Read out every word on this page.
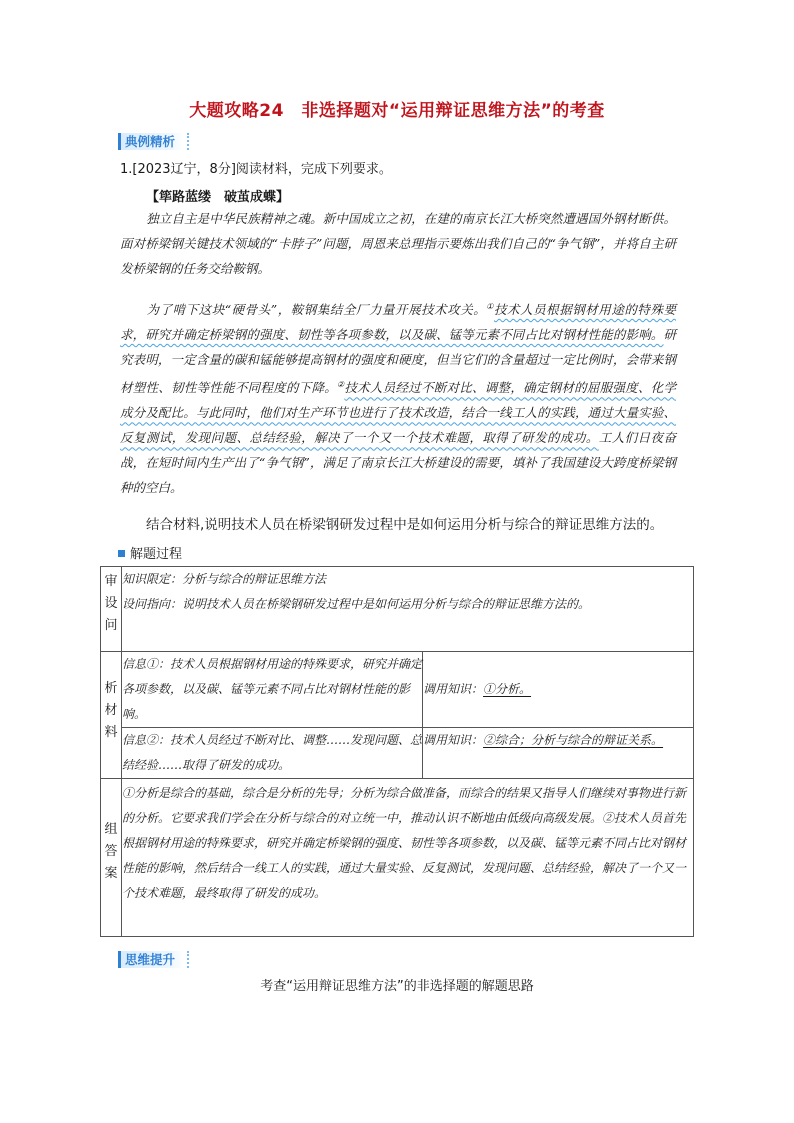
大题攻略24　非选择题对“运用辩证思维方法”的考查
典例精析
1.[2023辽宁，8分]阅读材料，完成下列要求。
【筚路蓝缕　破茧成蝶】
独立自主是中华民族精神之魂。新中国成立之初，在建的南京长江大桥突然遭遇国外钢材断供。面对桥梁钢关键技术领域的“卡脖子”问题，周恩来总理指示要炼出我们自己的“争气钢”，并将自主研发桥梁钢的任务交给鞍钢。
为了啃下这块“硬骨头”，鞍钢集结全厂力量开展技术攻关。①技术人员根据钢材用途的特殊要求，研究并确定桥梁钢的强度、韧性等各项参数，以及碳、锰等元素不同占比对钢材性能的影响。研究表明，一定含量的碳和锰能够提高钢材的强度和硬度，但当它们的含量超过一定比例时，会带来钢材塑性、韧性等性能不同程度的下降。②技术人员经过不断对比、调整，确定钢材的屈服强度、化学成分及配比。与此同时，他们对生产环节也进行了技术改造，结合一线工人的实践，通过大量实验、反复测试，发现问题、总结经验，解决了一个又一个技术难题，取得了研发的成功。工人们日夜奋战，在短时间内生产出了“争气钢”，满足了南京长江大桥建设的需要，填补了我国建设大跨度桥梁钢种的空白。
结合材料,说明技术人员在桥梁钢研发过程中是如何运用分析与综合的辩证思维方法的。
解题过程
审设问	知识限定：分析与综合的辩证思维方法
设问指向：说明技术人员在桥梁钢研发过程中是如何运用分析与综合的辩证思维方法的。	

析材料	信息①：技术人员根据钢材用途的特殊要求，研究并确定各项参数，以及碳、锰等元素不同占比对钢材性能的影响。	调用知识：①分析。
	信息②：技术人员经过不断对比、调整……发现问题、总结经验……取得了研发的成功。	调用知识：②综合；分析与综合的辩证关系。
组答案	①分析是综合的基础，综合是分析的先导；分析为综合做准备，而综合的结果又指导人们继续对事物进行新的分析。它要求我们学会在分析与综合的对立统一中，推动认识不断地由低级向高级发展。②技术人员首先根据钢材用途的特殊要求，研究并确定桥梁钢的强度、韧性等各项参数，以及碳、锰等元素不同占比对钢材性能的影响，然后结合一线工人的实践，通过大量实验、反复测试，发现问题、总结经验，解决了一个又一个技术难题，最终取得了研发的成功。	
思维提升
考查“运用辩证思维方法”的非选择题的解题思路
